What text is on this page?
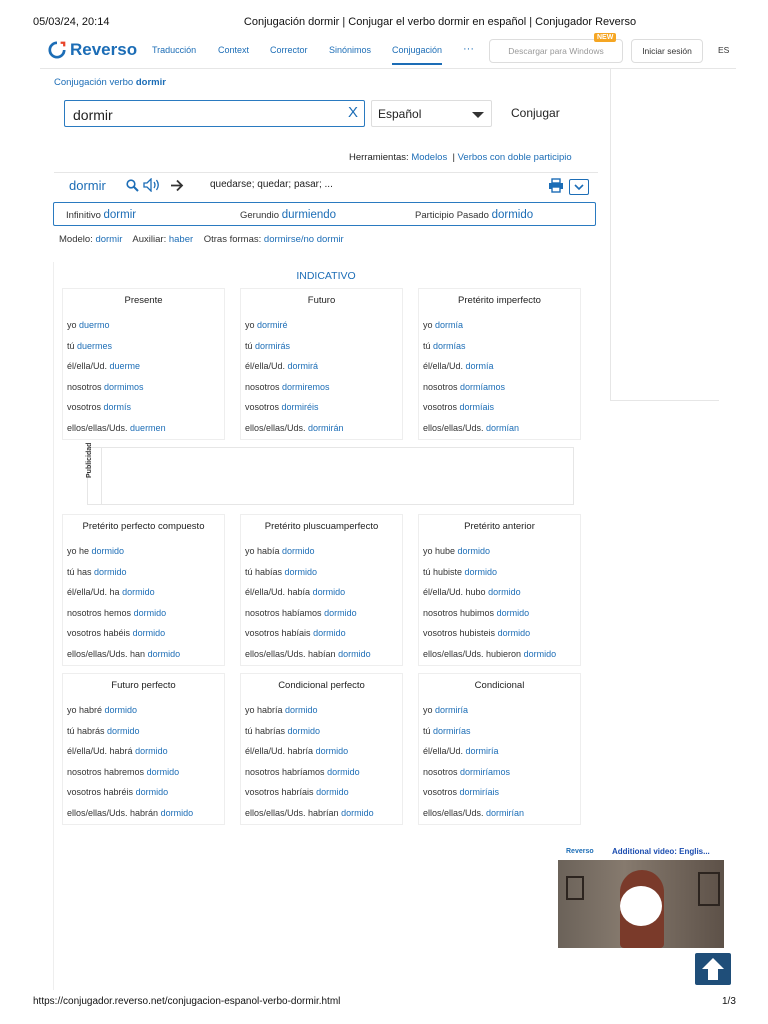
05/03/24, 20:14	Conjugación dormir | Conjugar el verbo dormir en español | Conjugador Reverso
Reverso Traducción Context Corrector Sinónimos Conjugación ···	Descargar para Windows
NEW
Iniciar sesión	ES
Conjugación verbo dormir
dormir	X	Español	Conjugar
Herramientas: Modelos | Verbos con doble participio
dormir	quedarse; quedar; pasar; ...
Infinitivo dormir	Gerundio durmiendo	Participio Pasado dormido
Modelo: dormir Auxiliar: haber Otras formas: dormirse/no dormir
INDICATIVO
Presente
yo duermo
tú duermes
él/ella/Ud. duerme
nosotros dormimos
vosotros dormís
ellos/ellas/Uds. duermen
Futuro
yo dormiré
tú dormirás
él/ella/Ud. dormirá
nosotros dormiremos
vosotros dormiréis
ellos/ellas/Uds. dormirán
Pretérito imperfecto
yo dormía
tú dormías
él/ella/Ud. dormía
nosotros dormíamos
vosotros dormíais
ellos/ellas/Uds. dormían
Pretérito perfecto compuesto
yo he dormido
tú has dormido
él/ella/Ud. ha dormido
nosotros hemos dormido
vosotros habéis dormido
ellos/ellas/Uds. han dormido
Pretérito pluscuamperfecto
yo había dormido
tú habías dormido
él/ella/Ud. había dormido
nosotros habíamos dormido
vosotros habíais dormido
ellos/ellas/Uds. habían dormido
Pretérito anterior
yo hube dormido
tú hubiste dormido
él/ella/Ud. hubo dormido
nosotros hubimos dormido
vosotros hubisteis dormido
ellos/ellas/Uds. hubieron dormido
Futuro perfecto
yo habré dormido
tú habrás dormido
él/ella/Ud. habrá dormido
nosotros habremos dormido
vosotros habréis dormido
ellos/ellas/Uds. habrán dormido
Condicional perfecto
yo habría dormido
tú habrías dormido
él/ella/Ud. habría dormido
nosotros habríamos dormido
vosotros habríais dormido
ellos/ellas/Uds. habrían dormido
Condicional
yo dormiría
tú dormirías
él/ella/Ud. dormiría
nosotros dormiríamos
vosotros dormiríais
ellos/ellas/Uds. dormirían
Publicidad
Reverso Additional video: Englis...
https://conjugador.reverso.net/conjugacion-espanol-verbo-dormir.html	1/3
